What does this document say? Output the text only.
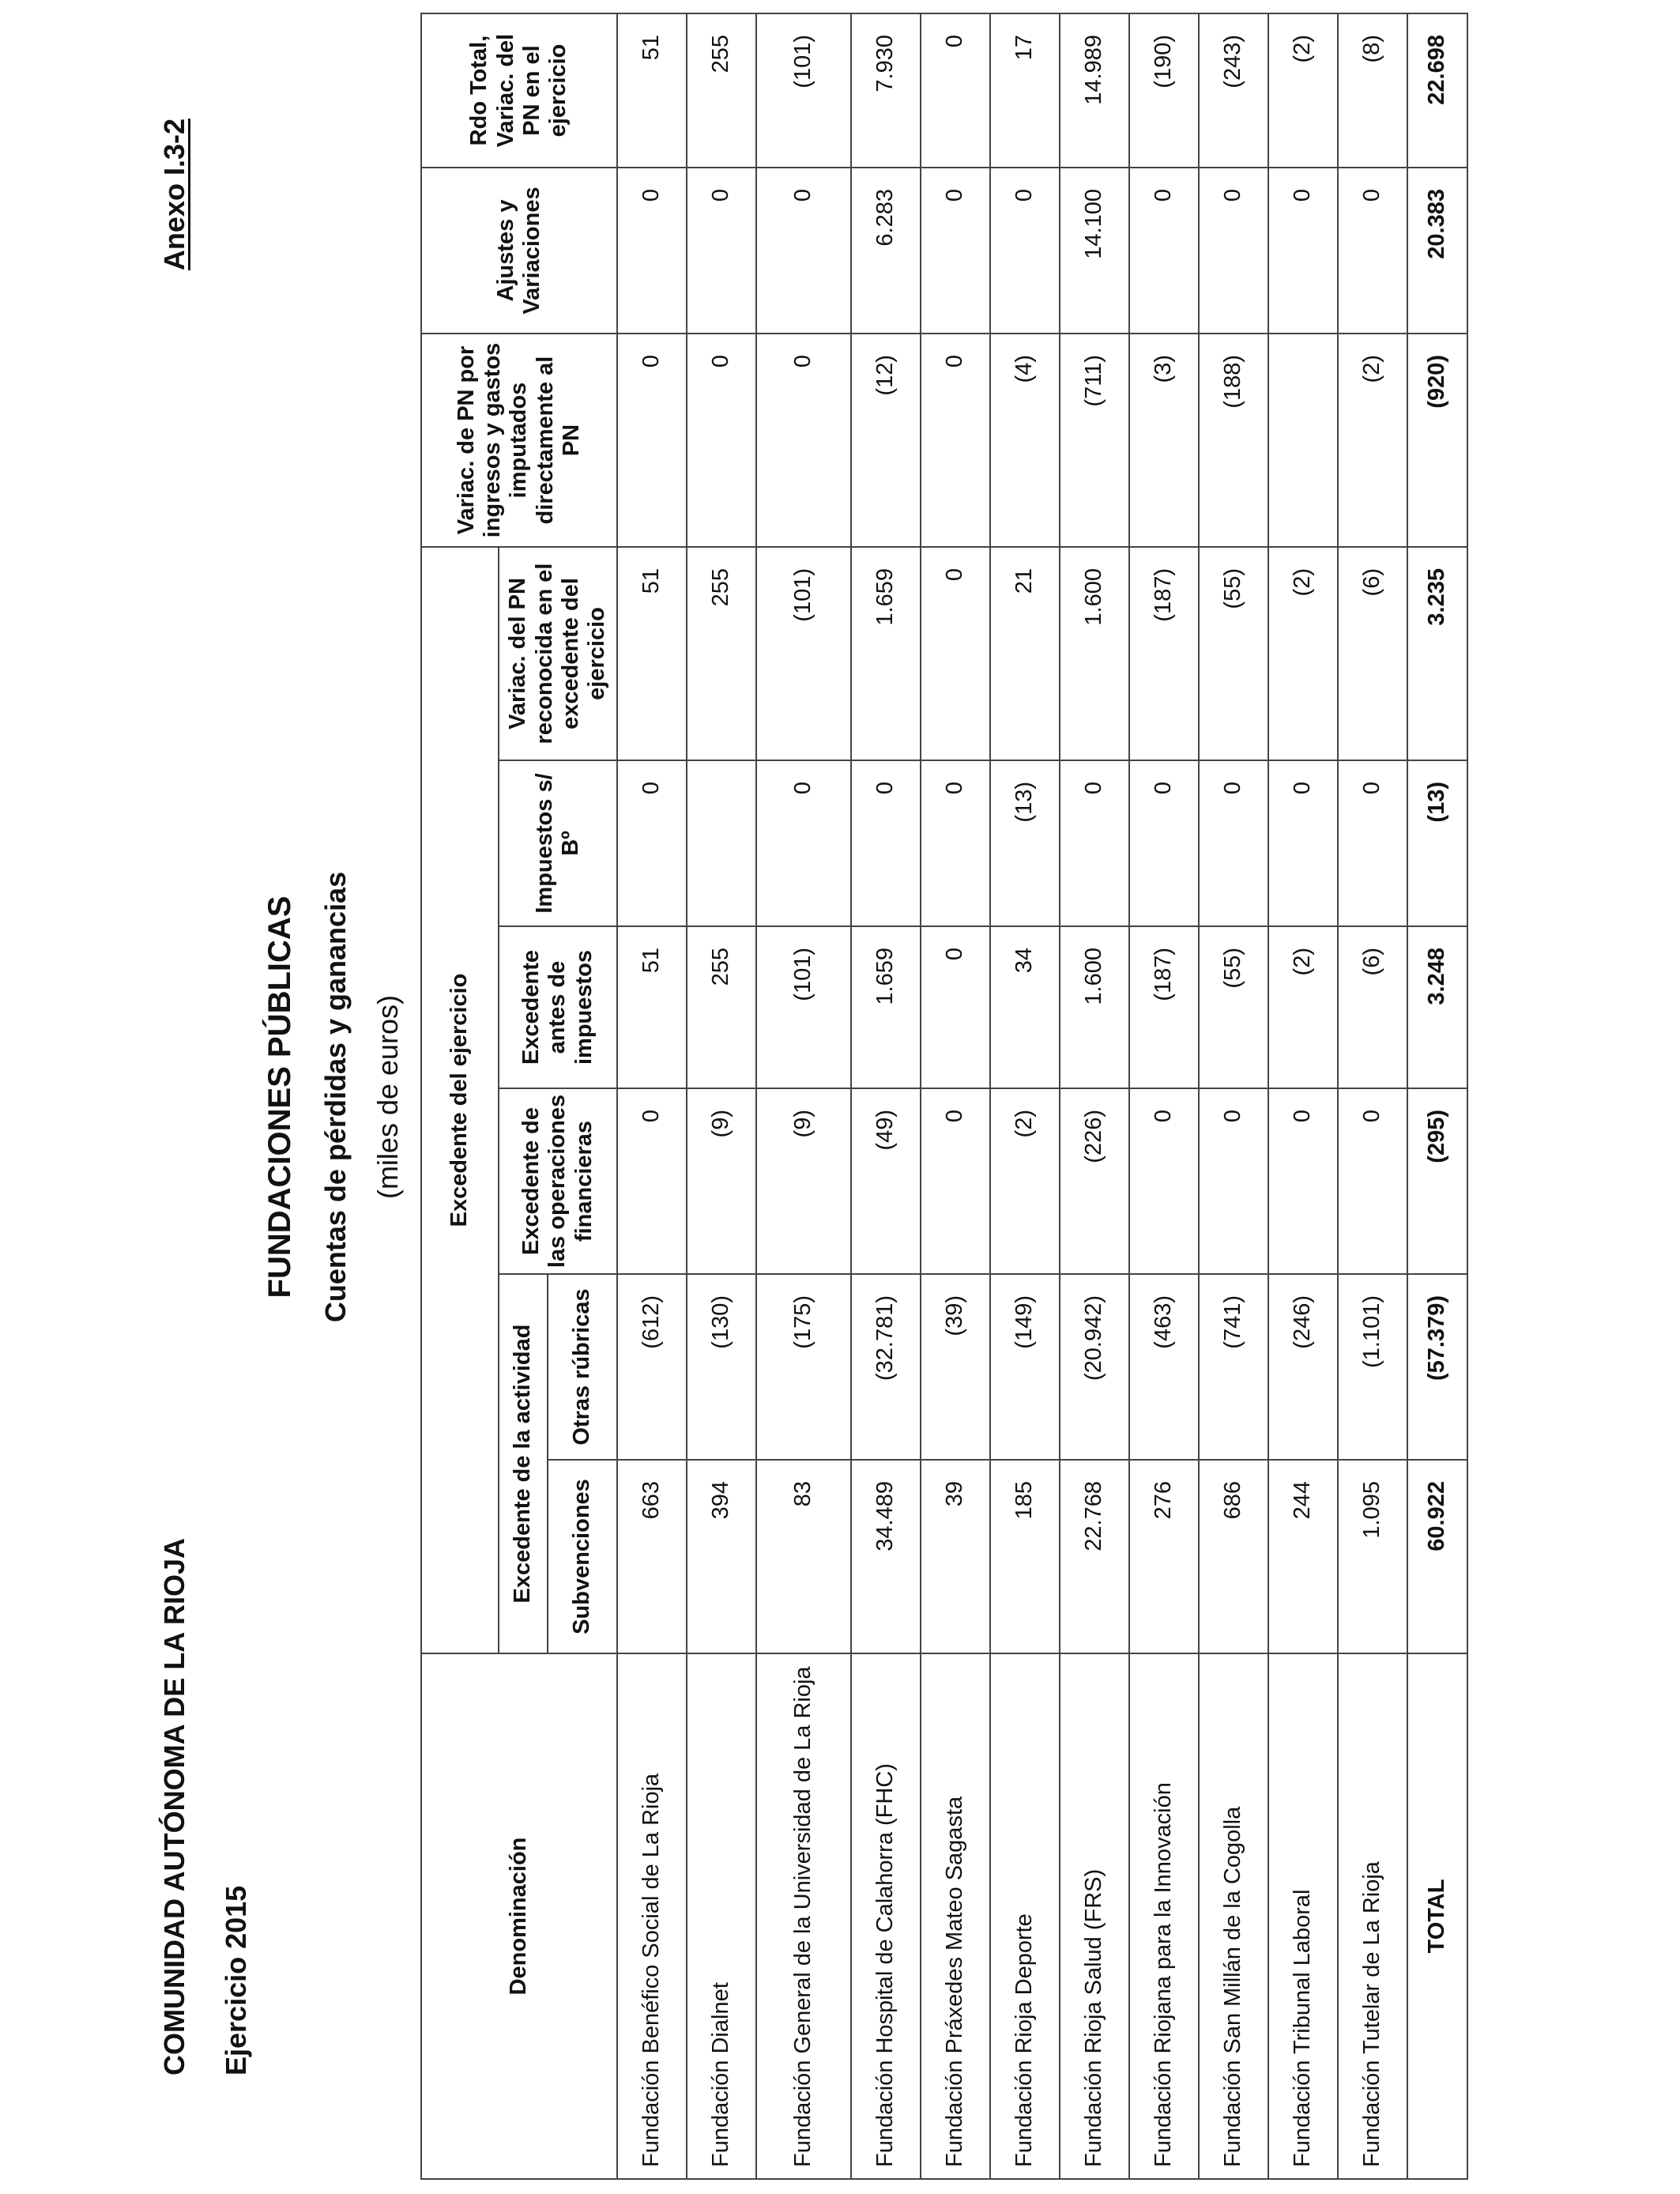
COMUNIDAD AUTÓNOMA DE LA RIOJA Ejercicio 2015
Anexo I.3-2
FUNDACIONES PÚBLICAS Cuentas de pérdidas y ganancias (miles de euros)
Denominación	Excedente del ejercicio						Variac. de PN por ingresos y gastos imputados directamente al PN	Ajustes y Variaciones	Rdo Total, Variac. del PN en el ejercicio
	Excedente de la actividad		Excedente de las operaciones financieras	Excedente antes de impuestos	Impuestos s/ Bº	Variac. del PN reconocida en el excedente del ejercicio			
	Subvenciones	Otras rúbricas							
Fundación Benéfico Social de La Rioja	663	(612)	0	51	0	51	0	0	51
Fundación Dialnet	394	(130)	(9)	255		255	0	0	255
Fundación General de la Universidad de La Rioja	83	(175)	(9)	(101)	0	(101)	0	0	(101)
Fundación Hospital de Calahorra (FHC)	34.489	(32.781)	(49)	1.659	0	1.659	(12)	6.283	7.930
Fundación Práxedes Mateo Sagasta	39	(39)	0	0	0	0	0	0	0
Fundación Rioja Deporte	185	(149)	(2)	34	(13)	21	(4)	0	17
Fundación Rioja Salud (FRS)	22.768	(20.942)	(226)	1.600	0	1.600	(711)	14.100	14.989
Fundación Riojana para la Innovación	276	(463)	0	(187)	0	(187)	(3)	0	(190)
Fundación San Millán de la Cogolla	686	(741)	0	(55)	0	(55)	(188)	0	(243)
Fundación Tribunal Laboral	244	(246)	0	(2)	0	(2)		0	(2)
Fundación Tutelar de La Rioja	1.095	(1.101)	0	(6)	0	(6)	(2)	0	(8)
TOTAL	60.922	(57.379)	(295)	3.248	(13)	3.235	(920)	20.383	22.698
